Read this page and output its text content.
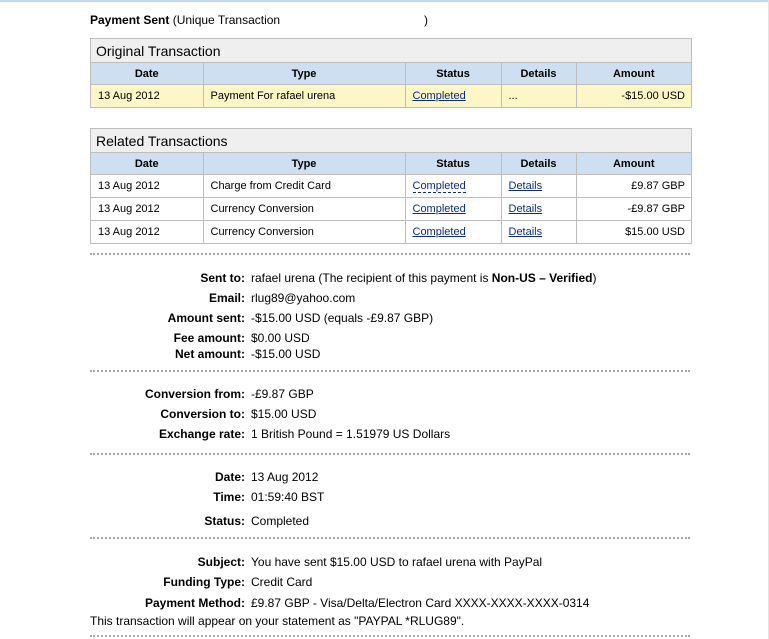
Payment Sent (Unique Transaction	)
Original Transaction
Date	Type	Status	Details	Amount
13 Aug 2012	Payment For rafael urena	Completed	...	-$15.00 USD
Related Transactions
Date	Type	Status	Details	Amount
13 Aug 2012	Charge from Credit Card	Completed	Details	£9.87 GBP
13 Aug 2012	Currency Conversion	Completed	Details	-£9.87 GBP
13 Aug 2012	Currency Conversion	Completed	Details	$15.00 USD
Sent to: rafael urena (The recipient of this payment is Non-US – Verified)
Email: rlug89@yahoo.com
Amount sent: -$15.00 USD (equals -£9.87 GBP)
Fee amount: $0.00 USD
Net amount: -$15.00 USD
Conversion from: -£9.87 GBP
Conversion to: $15.00 USD
Exchange rate: 1 British Pound = 1.51979 US Dollars
Date: 13 Aug 2012
Time: 01:59:40 BST
Status: Completed
Subject: You have sent $15.00 USD to rafael urena with PayPal
Funding Type: Credit Card
Payment Method: £9.87 GBP - Visa/Delta/Electron Card XXXX-XXXX-XXXX-0314
This transaction will appear on your statement as "PAYPAL *RLUG89".
